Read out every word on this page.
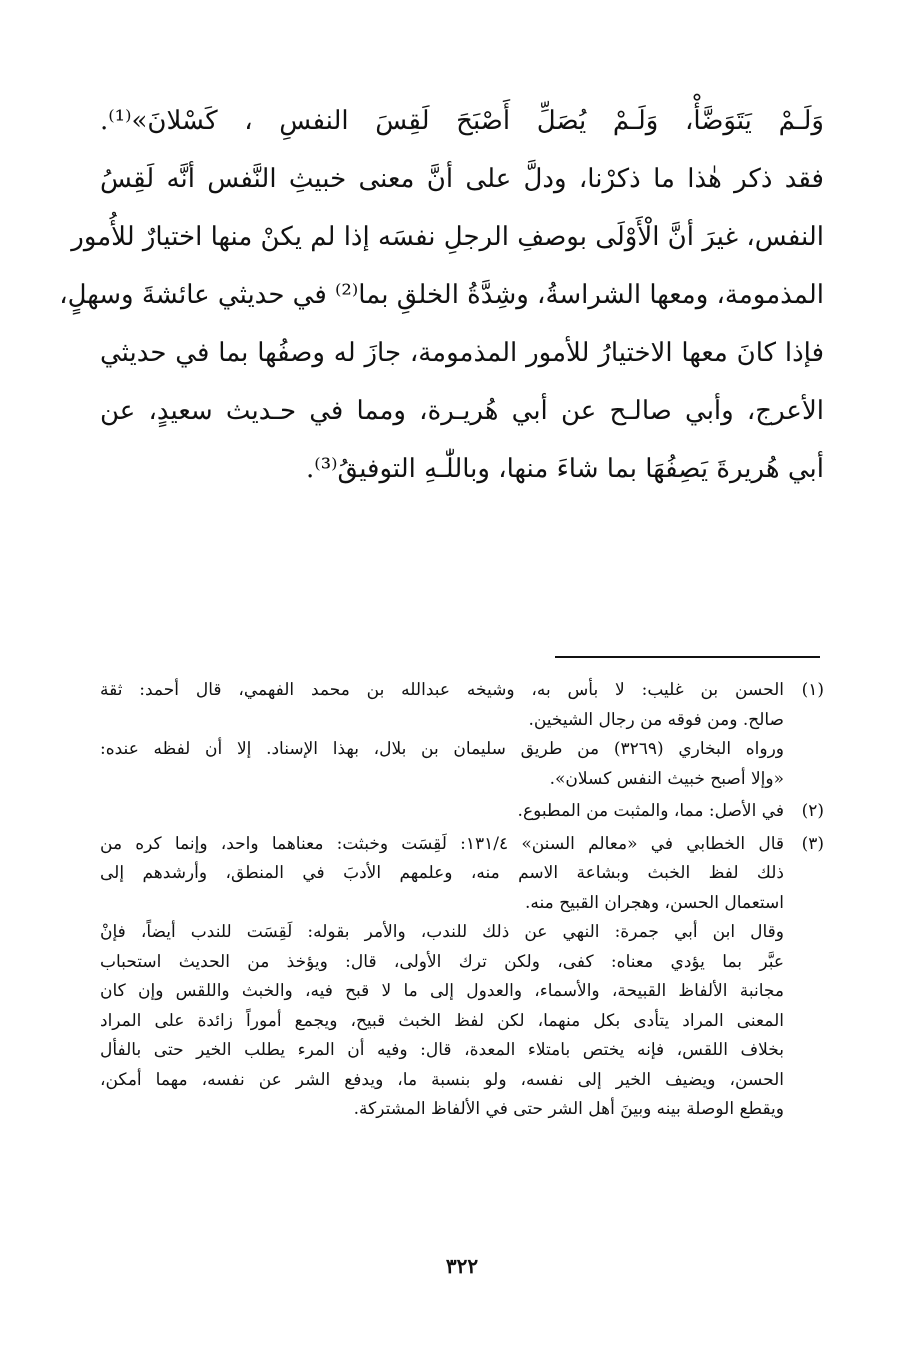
وَلَـمْ يَتَوَضَّأْ، وَلَـمْ يُصَلِّ أَصْبَحَ لَقِسَ النفسِ ، كَسْلانَ»⁽¹⁾.
فقد ذكر هٰذا ما ذكرْنا، ودلَّ على أنَّ معنى خبيثِ النَّفس أنَّه لَقِسُ
النفس، غيرَ أنَّ الْأَوْلَى بوصفِ الرجلِ نفسَه إذا لم يكنْ منها اختيارٌ للأُمور
المذمومة، ومعها الشراسةُ، وشِدَّةُ الخلقِ بما⁽²⁾ في حديثي عائشةَ وسهلٍ،
فإذا كانَ معها الاختيارُ للأمور المذمومة، جازَ له وصفُها بما في حديثي
الأعرج، وأبي صالـح عن أبي هُريـرة، ومما في حـديث سعيدٍ، عن
أبي هُريرةَ يَصِفُهَا بما شاءَ منها، وباللّٰـهِ التوفيقُ⁽³⁾.

(١)
الحسن بن غليب: لا بأس به، وشيخه عبدالله بن محمد الفهمي، قال أحمد: ثقة
صالح. ومن فوقه من رجال الشيخين.
ورواه البخاري (٣٢٦٩) من طريق سليمان بن بلال، بهذا الإسناد. إلا أن لفظه عنده:
«وإلا أصبح خبيث النفس كسلان».
(٢)
في الأصل: مما، والمثبت من المطبوع.
(٣)
قال الخطابي في «معالم السنن» ١٣١/٤: لَقِسَت وخبثت: معناهما واحد، وإنما كره من
ذلك لفظ الخبث وبشاعة الاسم منه، وعلمهم الأدبَ في المنطق، وأرشدهم إلى
استعمال الحسن، وهجران القبيح منه.
وقال ابن أبي جمرة: النهي عن ذلك للندب، والأمر بقوله: لَقِسَت للندب أيضاً، فإنْ
عبَّر بما يؤدي معناه: كفى، ولكن ترك الأولى، قال: ويؤخذ من الحديث استحباب
مجانبة الألفاظ القبيحة، والأسماء، والعدول إلى ما لا قبح فيه، والخبث واللقس وإن كان
المعنى المراد يتأدى بكل منهما، لكن لفظ الخبث قبيح، ويجمع أموراً زائدة على المراد
بخلاف اللقس، فإنه يختص بامتلاء المعدة، قال: وفيه أن المرء يطلب الخير حتى بالفأل
الحسن، ويضيف الخير إلى نفسه، ولو بنسبة ما، ويدفع الشر عن نفسه، مهما أمكن،
ويقطع الوصلة بينه وبينَ أهل الشر حتى في الألفاظ المشتركة.
٣٢٢
